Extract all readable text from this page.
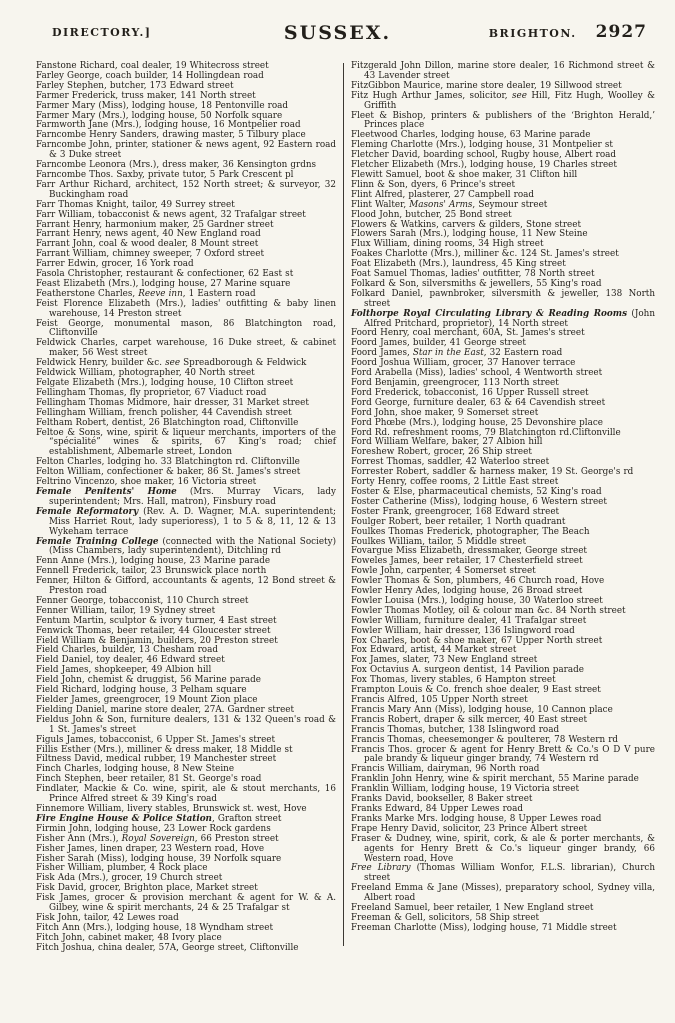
DIRECTORY.]	SUSSEX.	BRIGHTON. 2927
Fanstone Richard, coal dealer, 19 Whitecross street
Farley George, coach builder, 14 Hollingdean road
Farley Stephen, butcher, 173 Edward street
Farmer Frederick, truss maker, 141 North street
Farmer Mary (Miss), lodging house, 18 Pentonville road
Farmer Mary (Mrs.), lodging house, 50 Norfolk square
Farmworth Jane (Mrs.), lodging house, 16 Montpelier road
Farncombe Henry Sanders, drawing master, 5 Tilbury place
Farncombe John, printer, stationer & news agent, 92 Eastern road & 3 Duke street
Farncombe Leonora (Mrs.), dress maker, 36 Kensington grdns
Farncombe Thos. Saxby, private tutor, 5 Park Crescent pl
Farr Arthur Richard, architect, 152 North street; & surveyor, 32 Buckingham road
Farr Thomas Knight, tailor, 49 Surrey street
Farr William, tobacconist & news agent, 32 Trafalgar street
Farrant Henry, harmonium maker, 25 Gardner street
Farrant Henry, news agent, 40 New England road
Farrant John, coal & wood dealer, 8 Mount street
Farrant William, chimney sweeper, 7 Oxford street
Farrer Edwin, grocer, 16 York road
Fasola Christopher, restaurant & confectioner, 62 East st
Feast Elizabeth (Mrs.), lodging house, 27 Marine square
Featherstone Charles, Reeve inn, 1 Eastern road
Feist Florence Elizabeth (Mrs.), ladies' outfitting & baby linen warehouse, 14 Preston street
Feist George, monumental mason, 86 Blatchington road, Cliftonville
Feldwick Charles, carpet warehouse, 16 Duke street, & cabinet maker, 56 West street
Feldwick Henry, builder &c. see Spreadborough & Feldwick
Feldwick William, photographer, 40 North street
Felgate Elizabeth (Mrs.), lodging house, 10 Clifton street
Fellingham Thomas, fly proprietor, 67 Viaduct road
Fellingham Thomas Midmore, hair dresser, 31 Market street
Fellingham William, french polisher, 44 Cavendish street
Feltham Robert, dentist, 26 Blatchington road, Cliftonville
Feltoe & Sons, wine, spirit & liqueur merchants, importers of the “spécialité” wines & spirits, 67 King's road; chief establishment, Albemarle street, London
Felton Charles, lodging ho. 33 Blatchington rd. Cliftonville
Felton William, confectioner & baker, 86 St. James's street
Feltrino Vincenzo, shoe maker, 16 Victoria street
Female Penitents' Home (Mrs. Murray Vicars, lady superintendent; Mrs. Hall, matron), Finsbury road
Female Reformatory (Rev. A. D. Wagner, M.A. superintendent; Miss Harriet Rout, lady superioress), 1 to 5 & 8, 11, 12 & 13 Wykeham terrace
Female Training College (connected with the National Society) (Miss Chambers, lady superintendent), Ditchling rd
Fenn Anne (Mrs.), lodging house, 23 Marine parade
Fennell Frederick, tailor, 23 Brunswick place north
Fenner, Hilton & Gifford, accountants & agents, 12 Bond street & Preston road
Fenner George, tobacconist, 110 Church street
Fenner William, tailor, 19 Sydney street
Fentum Martin, sculptor & ivory turner, 4 East street
Fenwick Thomas, beer retailer, 44 Gloucester street
Field William & Benjamin, builders, 20 Preston street
Field Charles, builder, 13 Chesham road
Field Daniel, toy dealer, 46 Edward street
Field James, shopkeeper, 49 Albion hill
Field John, chemist & druggist, 56 Marine parade
Field Richard, lodging house, 3 Pelham square
Fielder James, greengrocer, 19 Mount Zion place
Fielding Daniel, marine store dealer, 27A. Gardner street
Fieldus John & Son, furniture dealers, 131 & 132 Queen's road & 1 St. James's street
Figuls James, tobacconist, 6 Upper St. James's street
Fillis Esther (Mrs.), milliner & dress maker, 18 Middle st
Filtness David, medical rubber, 19 Manchester street
Finch Charles, lodging house, 8 New Steine
Finch Stephen, beer retailer, 81 St. George's road
Findlater, Mackie & Co. wine, spirit, ale & stout merchants, 16 Prince Alfred street & 39 King's road
Finnemore William, livery stables, Brunswick st. west, Hove
Fire Engine House & Police Station, Grafton street
Firmin John, lodging house, 23 Lower Rock gardens
Fisher Ann (Mrs.), Royal Sovereign, 66 Preston street
Fisher James, linen draper, 23 Western road, Hove
Fisher Sarah (Miss), lodging house, 39 Norfolk square
Fisher William, plumber, 4 Rock place
Fisk Ada (Mrs.), grocer, 19 Church street
Fisk David, grocer, Brighton place, Market street
Fisk James, grocer & provision merchant & agent for W. & A. Gilbey, wine & spirit merchants, 24 & 25 Trafalgar st
Fisk John, tailor, 42 Lewes road
Fitch Ann (Mrs.), lodging house, 18 Wyndham street
Fitch John, cabinet maker, 48 Ivory place
Fitch Joshua, china dealer, 57A, George street, Cliftonville
Fitzgerald John Dillon, marine store dealer, 16 Richmond street & 43 Lavender street
FitzGibbon Maurice, marine store dealer, 19 Sillwood street
Fitz Hugh Arthur James, solicitor, see Hill, Fitz Hugh, Woolley & Griffith
Fleet & Bishop, printers & publishers of the ‘Brighton Herald,’ Princes place
Fleetwood Charles, lodging house, 63 Marine parade
Fleming Charlotte (Mrs.), lodging house, 31 Montpelier st
Fletcher David, boarding school, Rugby house, Albert road
Fletcher Elizabeth (Mrs.), lodging house, 19 Charles street
Flewitt Samuel, boot & shoe maker, 31 Clifton hill
Flinn & Son, dyers, 6 Prince's street
Flint Alfred, plasterer, 27 Campbell road
Flint Walter, Masons' Arms, Seymour street
Flood John, butcher, 25 Bond street
Flowers & Watkins, carvers & gilders, Stone street
Flowers Sarah (Mrs.), lodging house, 11 New Steine
Flux William, dining rooms, 34 High street
Foakes Charlotte (Mrs.), milliner &c. 124 St. James's street
Foat Elizabeth (Mrs.), laundress, 45 King street
Foat Samuel Thomas, ladies' outfitter, 78 North street
Folkard & Son, silversmiths & jewellers, 55 King's road
Folkard Daniel, pawnbroker, silversmith & jeweller, 138 North street
Folthorpe Royal Circulating Library & Reading Rooms (John Alfred Pritchard, proprietor), 14 North street
Foord Henry, coal merchant, 60A, St. James's street
Foord James, builder, 41 George street
Foord James, Star in the East, 32 Eastern road
Foord Joshua William, grocer, 37 Hanover terrace
Ford Arabella (Miss), ladies' school, 4 Wentworth street
Ford Benjamin, greengrocer, 113 North street
Ford Frederick, tobacconist, 16 Upper Russell street
Ford George, furniture dealer, 63 & 64 Cavendish street
Ford John, shoe maker, 9 Somerset street
Ford Phœbe (Mrs.), lodging house, 25 Devonshire place
Ford Rd. refreshment rooms, 79 Blatchington rd.Cliftonville
Ford William Welfare, baker, 27 Albion hill
Foreshew Robert, grocer, 26 Ship street
Forrest Thomas, saddler, 42 Waterloo street
Forrester Robert, saddler & harness maker, 19 St. George's rd
Forty Henry, coffee rooms, 2 Little East street
Foster & Else, pharmaceutical chemists, 52 King's road
Foster Catherine (Miss), lodging house, 6 Western street
Foster Frank, greengrocer, 168 Edward street
Foulger Robert, beer retailer, 1 North quadrant
Foulkes Thomas Frederick, photographer, The Beach
Foulkes William, tailor, 5 Middle street
Fovargue Miss Elizabeth, dressmaker, George street
Foweles James, beer retailer, 17 Chesterfield street
Fowle John, carpenter, 4 Somerset street
Fowler Thomas & Son, plumbers, 46 Church road, Hove
Fowler Henry Ades, lodging house, 26 Broad street
Fowler Louisa (Mrs.), lodging house, 30 Waterloo street
Fowler Thomas Motley, oil & colour man &c. 84 North street
Fowler William, furniture dealer, 41 Trafalgar street
Fowler William, hair dresser, 136 Islingword road
Fox Charles, boot & shoe maker, 67 Upper North street
Fox Edward, artist, 44 Market street
Fox James, slater, 73 New England street
Fox Octavius A. surgeon dentist, 14 Pavilion parade
Fox Thomas, livery stables, 6 Hampton street
Frampton Louis & Co. french shoe dealer, 9 East street
Francis Alfred, 105 Upper North street
Francis Mary Ann (Miss), lodging house, 10 Cannon place
Francis Robert, draper & silk mercer, 40 East street
Francis Thomas, butcher, 138 Islingword road
Francis Thomas, cheesemonger & poulterer, 78 Western rd
Francis Thos. grocer & agent for Henry Brett & Co.'s O D V pure pale brandy & liqueur ginger brandy, 74 Western rd
Francis William, dairyman, 96 North road
Franklin John Henry, wine & spirit merchant, 55 Marine parade
Franklin William, lodging house, 19 Victoria street
Franks David, bookseller, 8 Baker street
Franks Edward, 84 Upper Lewes road
Franks Marke Mrs. lodging house, 8 Upper Lewes road
Frape Henry David, solicitor, 23 Prince Albert street
Fraser & Dudney, wine, spirit, cork, & ale & porter merchants, & agents for Henry Brett & Co.'s liqueur ginger brandy, 66 Western road, Hove
Free Library (Thomas William Wonfor, F.L.S. librarian), Church street
Freeland Emma & Jane (Misses), preparatory school, Sydney villa, Albert road
Freeland Samuel, beer retailer, 1 New England street
Freeman & Gell, solicitors, 58 Ship street
Freeman Charlotte (Miss), lodging house, 71 Middle street
